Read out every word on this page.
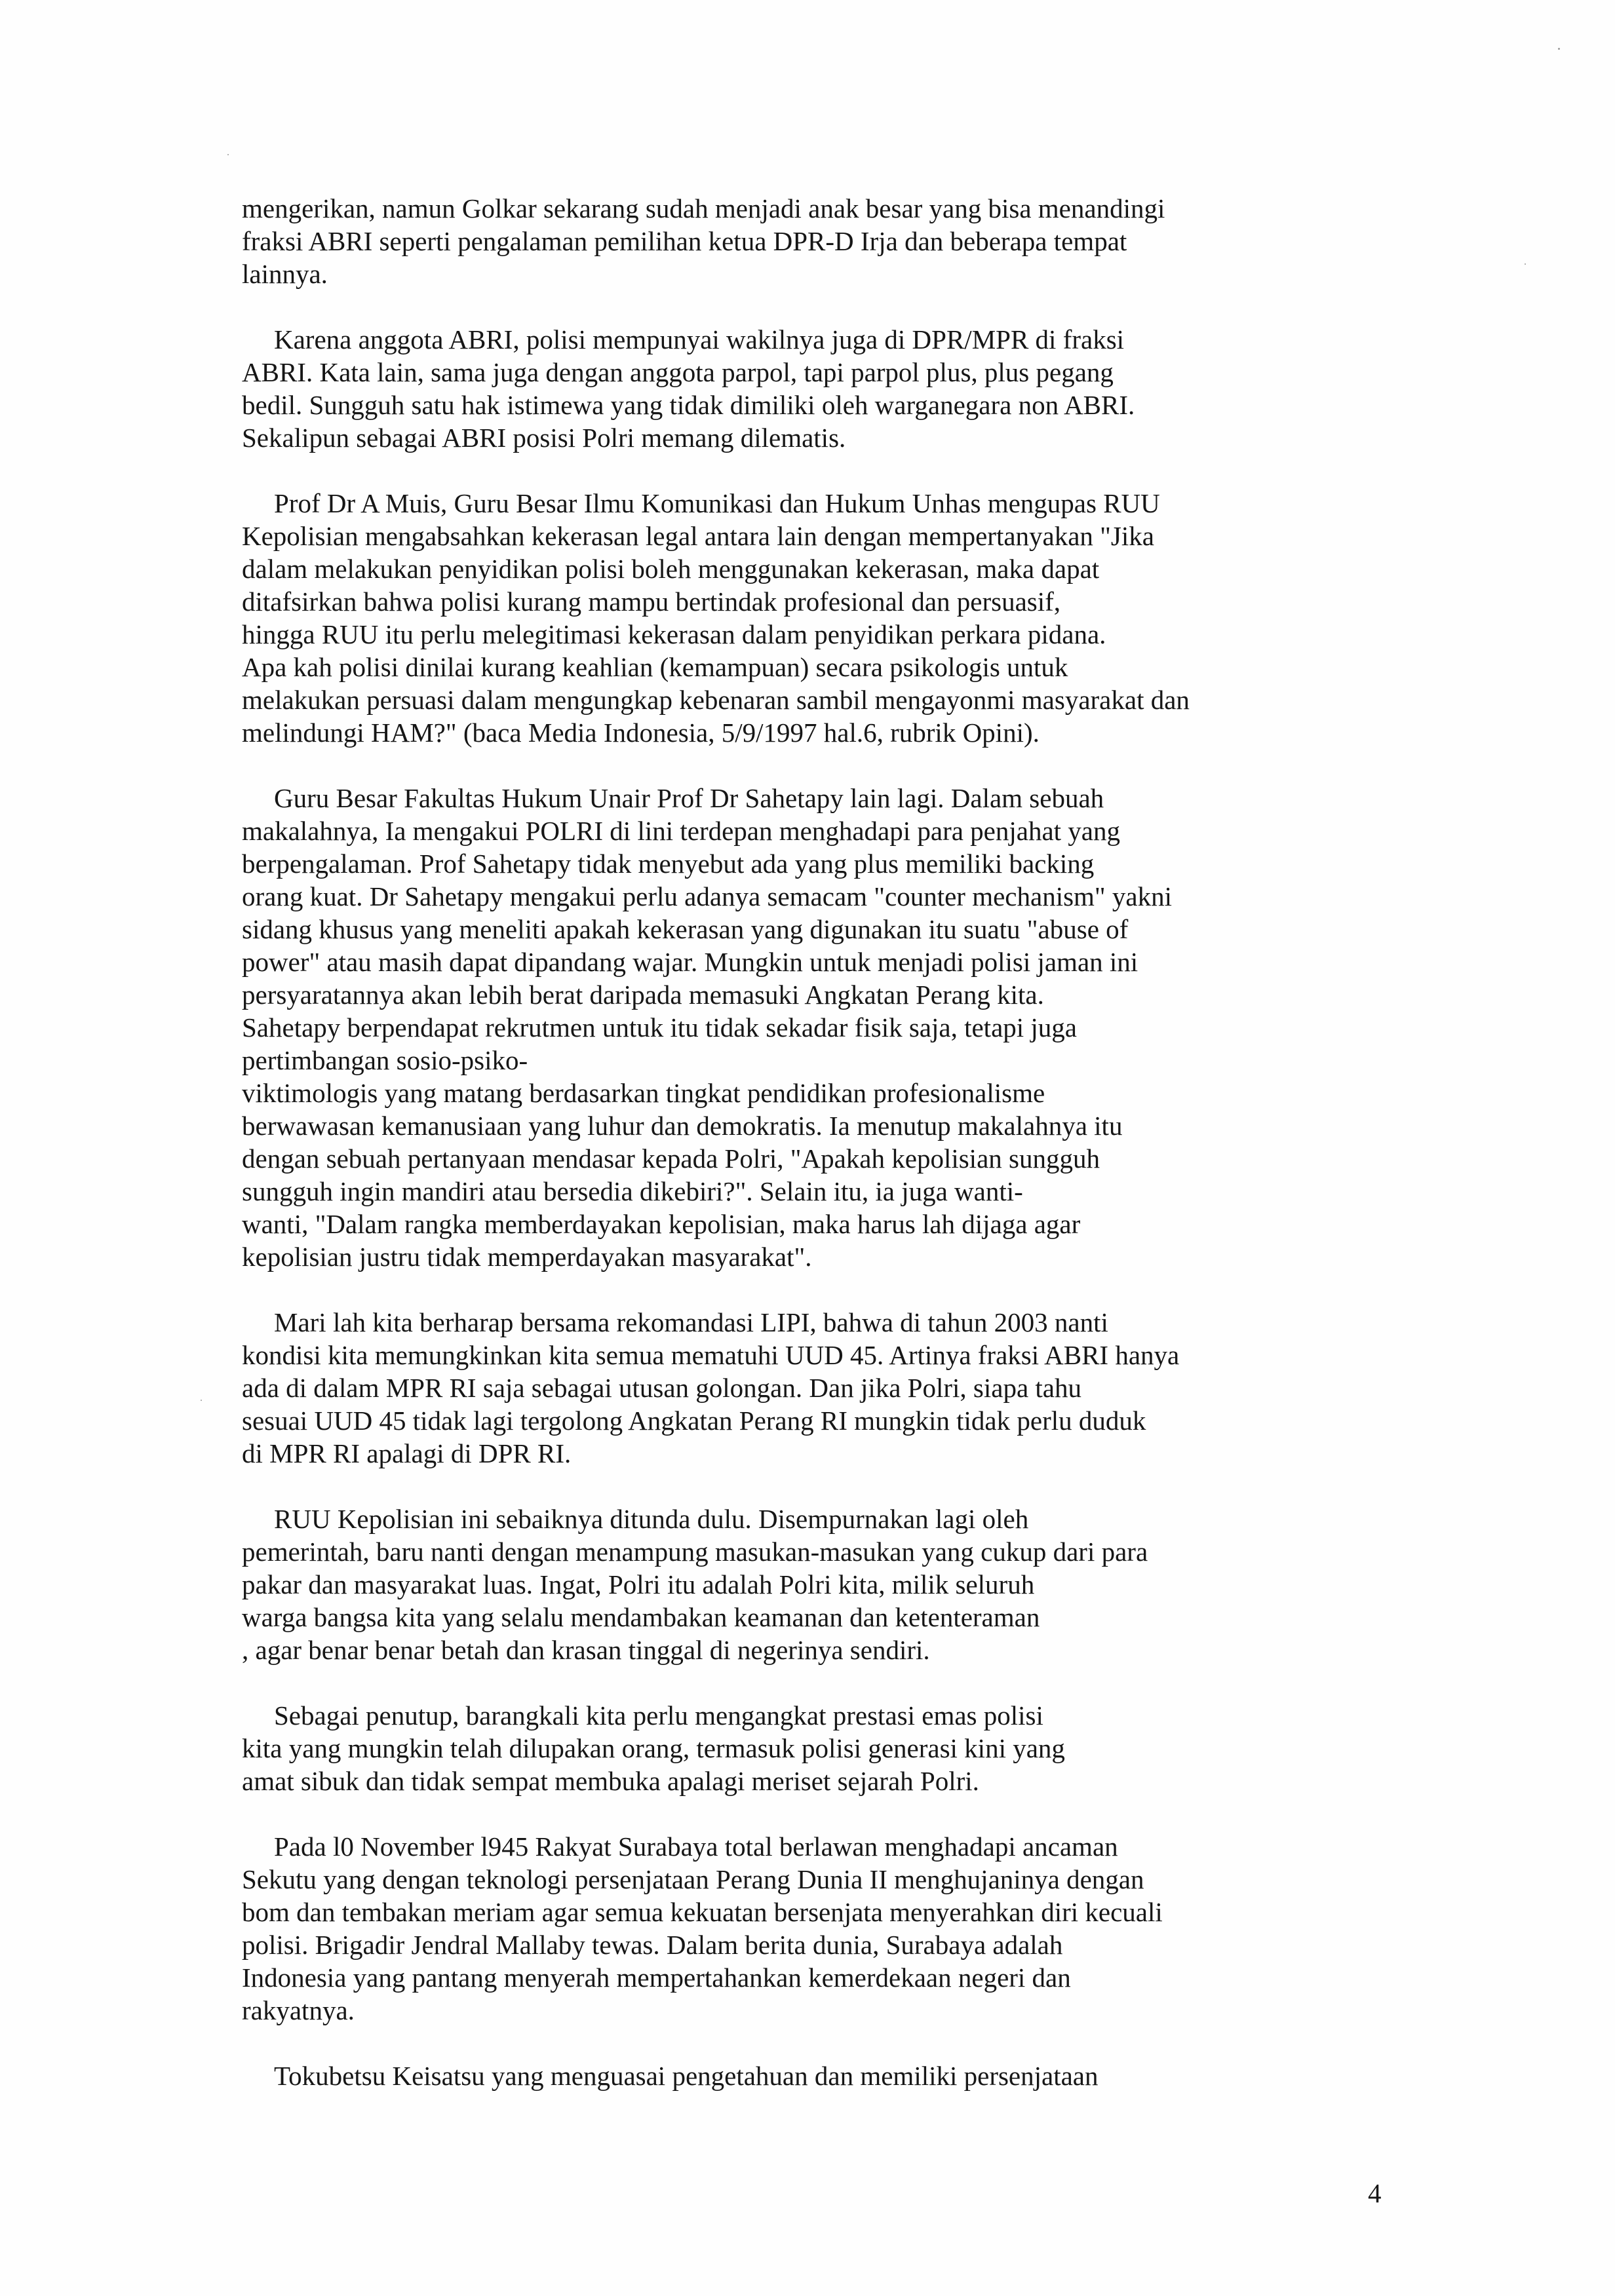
mengerikan, namun Golkar sekarang sudah menjadi anak besar yang bisa menandingi
fraksi ABRI seperti pengalaman pemilihan ketua DPR-D Irja dan beberapa tempat
lainnya.
Karena anggota ABRI, polisi mempunyai wakilnya juga di DPR/MPR di fraksi
ABRI. Kata lain, sama juga dengan anggota parpol, tapi parpol plus, plus pegang
bedil. Sungguh satu hak istimewa yang tidak dimiliki oleh warganegara non ABRI.
Sekalipun sebagai ABRI posisi Polri memang dilematis.
Prof Dr A Muis, Guru Besar Ilmu Komunikasi dan Hukum Unhas mengupas RUU
Kepolisian mengabsahkan kekerasan legal antara lain dengan mempertanyakan "Jika
dalam melakukan penyidikan polisi boleh menggunakan kekerasan, maka dapat
ditafsirkan bahwa polisi kurang mampu bertindak profesional dan persuasif,
hingga RUU itu perlu melegitimasi kekerasan dalam penyidikan perkara pidana.
Apa kah polisi dinilai kurang keahlian (kemampuan) secara psikologis untuk
melakukan persuasi dalam mengungkap kebenaran sambil mengayonmi masyarakat dan
melindungi HAM?" (baca Media Indonesia, 5/9/1997 hal.6, rubrik Opini).
Guru Besar Fakultas Hukum Unair Prof Dr Sahetapy lain lagi. Dalam sebuah
makalahnya, Ia mengakui POLRI di lini terdepan menghadapi para penjahat yang
berpengalaman. Prof Sahetapy tidak menyebut ada yang plus memiliki backing
orang kuat. Dr Sahetapy mengakui perlu adanya semacam "counter mechanism" yakni
sidang khusus yang meneliti apakah kekerasan yang digunakan itu suatu "abuse of
power" atau masih dapat dipandang wajar. Mungkin untuk menjadi polisi jaman ini
persyaratannya akan lebih berat daripada memasuki Angkatan Perang kita.
Sahetapy berpendapat rekrutmen untuk itu tidak sekadar fisik saja, tetapi juga
pertimbangan sosio-psiko-
viktimologis yang matang berdasarkan tingkat pendidikan profesionalisme
berwawasan kemanusiaan yang luhur dan demokratis. Ia menutup makalahnya itu
dengan sebuah pertanyaan mendasar kepada Polri, "Apakah kepolisian sungguh
sungguh ingin mandiri atau bersedia dikebiri?". Selain itu, ia juga wanti-
wanti, "Dalam rangka memberdayakan kepolisian, maka harus lah dijaga agar
kepolisian justru tidak memperdayakan masyarakat".
Mari lah kita berharap bersama rekomandasi LIPI, bahwa di tahun 2003 nanti
kondisi kita memungkinkan kita semua mematuhi UUD 45. Artinya fraksi ABRI hanya
ada di dalam MPR RI saja sebagai utusan golongan. Dan jika Polri, siapa tahu
sesuai UUD 45 tidak lagi tergolong Angkatan Perang RI mungkin tidak perlu duduk
di MPR RI apalagi di DPR RI.
RUU Kepolisian ini sebaiknya ditunda dulu. Disempurnakan lagi oleh
pemerintah, baru nanti dengan menampung masukan-masukan yang cukup dari para
pakar dan masyarakat luas. Ingat, Polri itu adalah Polri kita, milik seluruh
warga bangsa kita yang selalu mendambakan keamanan dan ketenteraman
, agar benar benar betah dan krasan tinggal di negerinya sendiri.
Sebagai penutup, barangkali kita perlu mengangkat prestasi emas polisi
kita yang mungkin telah dilupakan orang, termasuk polisi generasi kini yang
amat sibuk dan tidak sempat membuka apalagi meriset sejarah Polri.
Pada l0 November l945 Rakyat Surabaya total berlawan menghadapi ancaman
Sekutu yang dengan teknologi persenjataan Perang Dunia II menghujaninya dengan
bom dan tembakan meriam agar semua kekuatan bersenjata menyerahkan diri kecuali
polisi. Brigadir Jendral Mallaby tewas. Dalam berita dunia, Surabaya adalah
Indonesia yang pantang menyerah mempertahankan kemerdekaan negeri dan
rakyatnya.
Tokubetsu Keisatsu yang menguasai pengetahuan dan memiliki persenjataan
4
